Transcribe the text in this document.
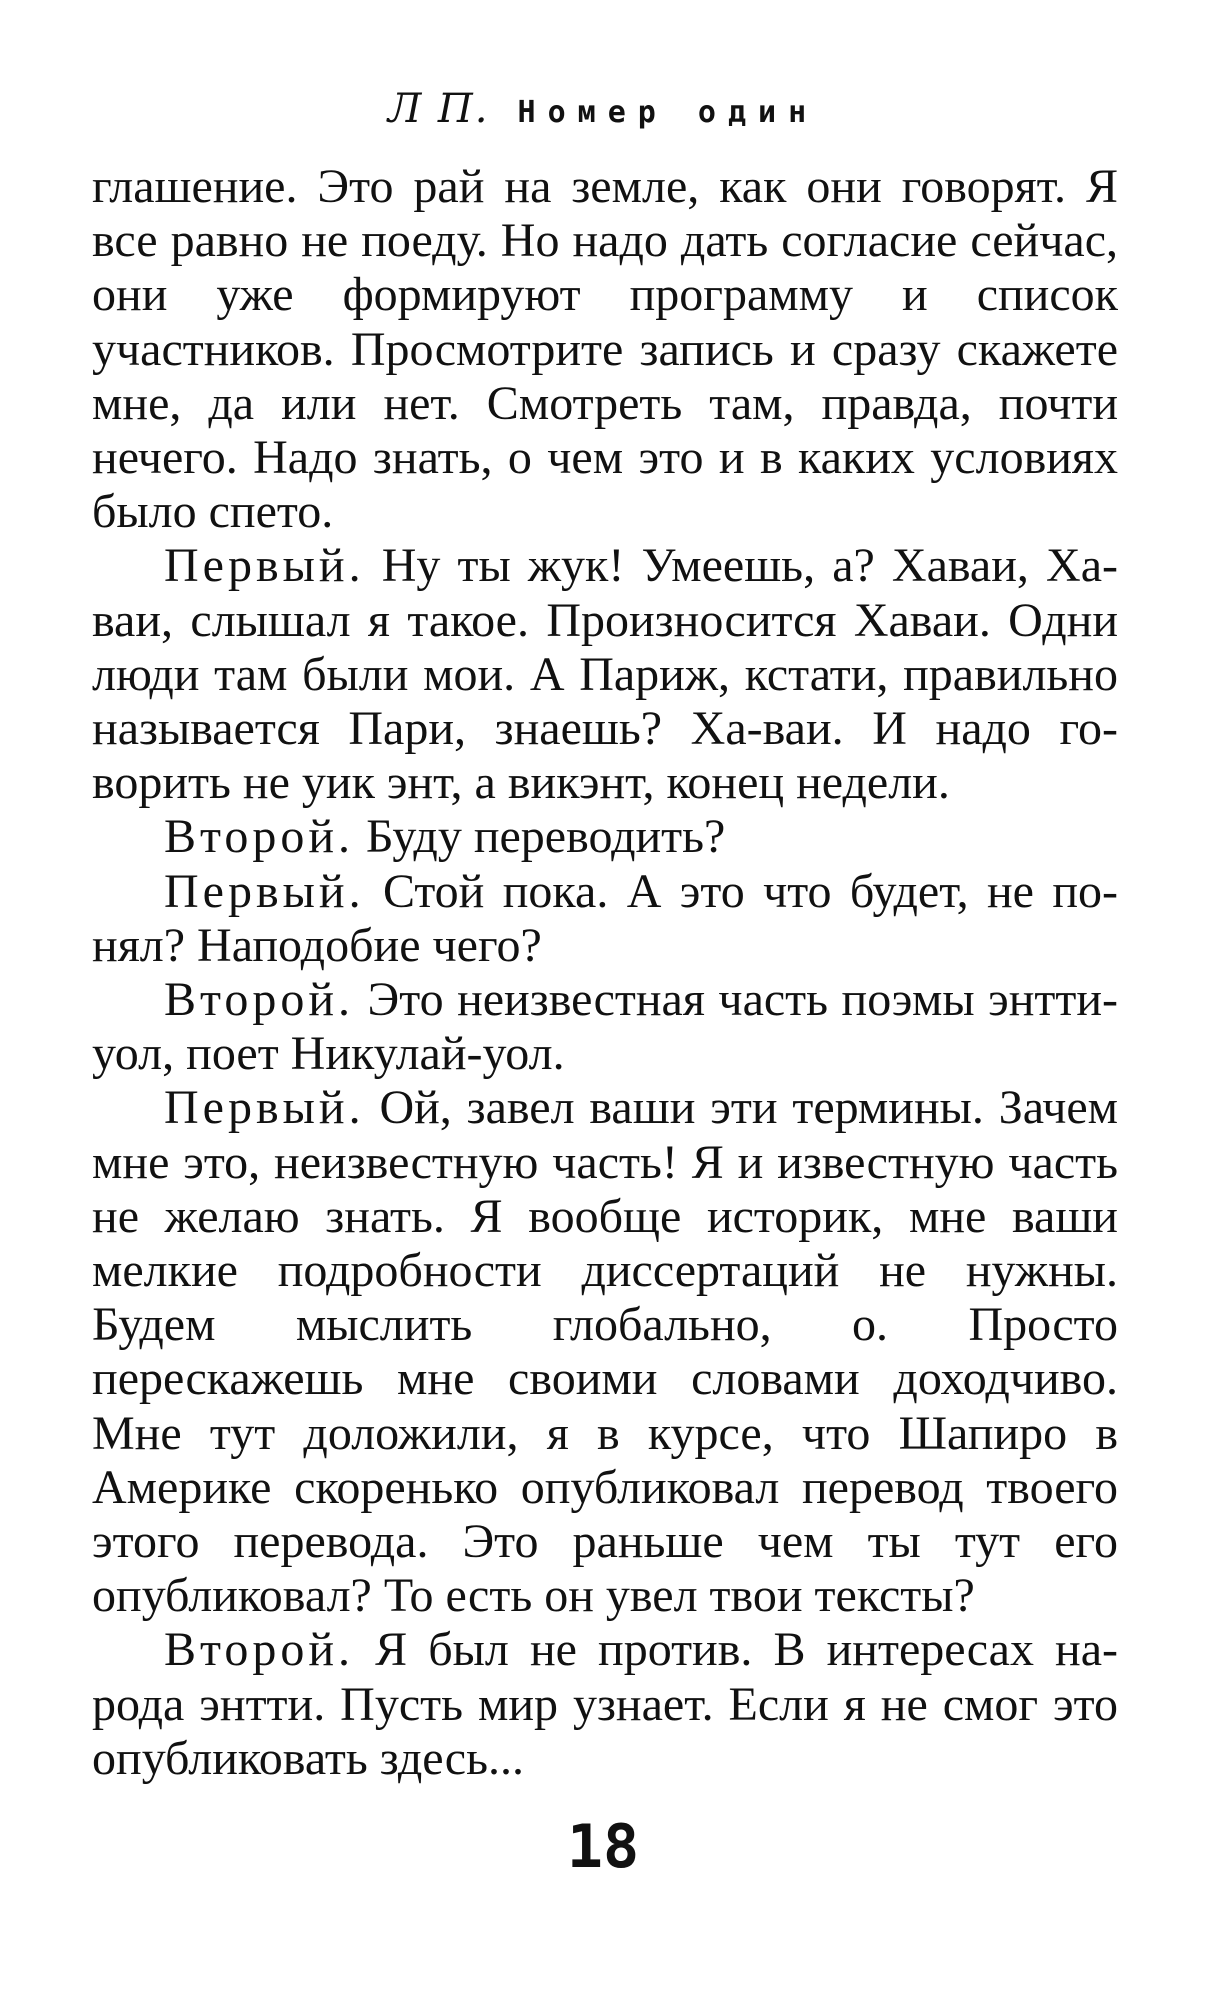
Л П. Номер один

глашение. Это рай на земле, как они говорят. Я все равно не поеду. Но надо дать согласие сейчас, они уже формируют программу и список участников. Просмотрите запись и сразу скажете мне, да или нет. Смотреть там, правда, почти нечего. Надо знать, о чем это и в каких условиях было спето.

Первый. Ну ты жук! Умеешь, а? Хаваи, Хаваи, слышал я такое. Произносится Хаваи. Одни люди там были мои. А Париж, кстати, правильно называется Пари, знаешь? Ха-ваи. И надо говорить не уик энт, а викэнт, конец недели.

Второй. Буду переводить?

Первый. Стой пока. А это что будет, не понял? Наподобие чего?

Второй. Это неизвестная часть поэмы энтти-уол, поет Никулай-уол.

Первый. Ой, завел ваши эти термины. Зачем мне это, неизвестную часть! Я и известную часть не желаю знать. Я вообще историк, мне ваши мелкие подробности диссертаций не нужны. Будем мыслить глобально, о. Просто перескажешь мне своими словами доходчиво. Мне тут доложили, я в курсе, что Шапиро в Америке скоренько опубликовал перевод твоего этого перевода. Это раньше чем ты тут его опубликовал? То есть он увел твои тексты?

Второй. Я был не против. В интересах народа энтти. Пусть мир узнает. Если я не смог это опубликовать здесь...

18
